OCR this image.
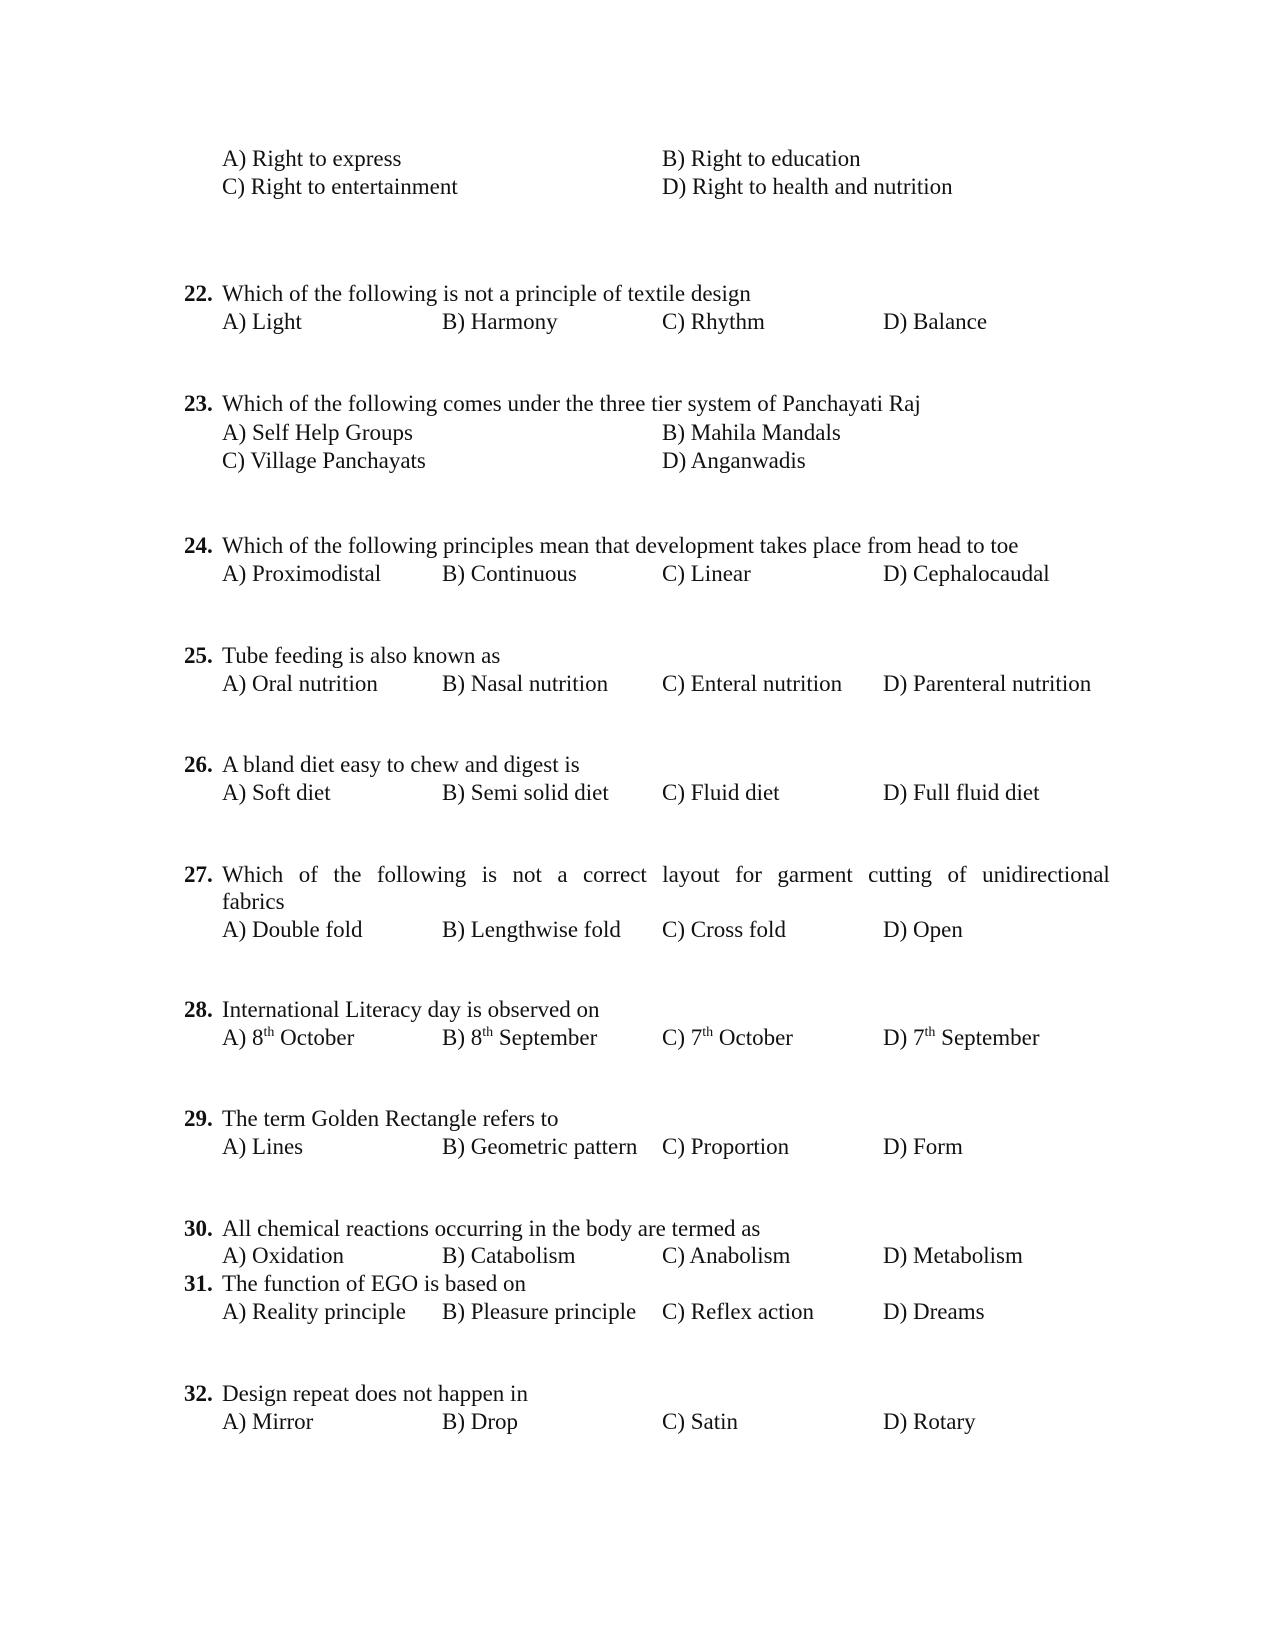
A) Right to express	B) Right to education
C) Right to entertainment	D) Right to health and nutrition
22. Which of the following is not a principle of textile design
A) Light	B) Harmony	C) Rhythm	D) Balance
23. Which of the following comes under the three tier system of Panchayati Raj
A) Self Help Groups	B) Mahila Mandals
C) Village Panchayats	D) Anganwadis
24. Which of the following principles mean that development takes place from head to toe
A) Proximodistal	B) Continuous	C) Linear	D) Cephalocaudal
25. Tube feeding is also known as
A) Oral nutrition	B) Nasal nutrition C) Enteral nutrition D) Parenteral nutrition
26. A bland diet easy to chew and digest is
A) Soft diet	B) Semi solid diet C) Fluid diet	D) Full fluid diet
27. Which of the following is not a correct layout for garment cutting of unidirectional
fabrics
A) Double fold	B) Lengthwise fold C) Cross fold	D) Open
28. International Literacy day is observed on
A) 8th October	B) 8th September	C) 7th October	D) 7th September
29. The term Golden Rectangle refers to
A) Lines	B) Geometric pattern C) Proportion	D) Form
30. All chemical reactions occurring in the body are termed as
A) Oxidation	B) Catabolism	C) Anabolism	D) Metabolism
31. The function of EGO is based on
A) Reality principle B) Pleasure principle C) Reflex action	D) Dreams
32. Design repeat does not happen in
A) Mirror	B) Drop	C) Satin	D) Rotary
